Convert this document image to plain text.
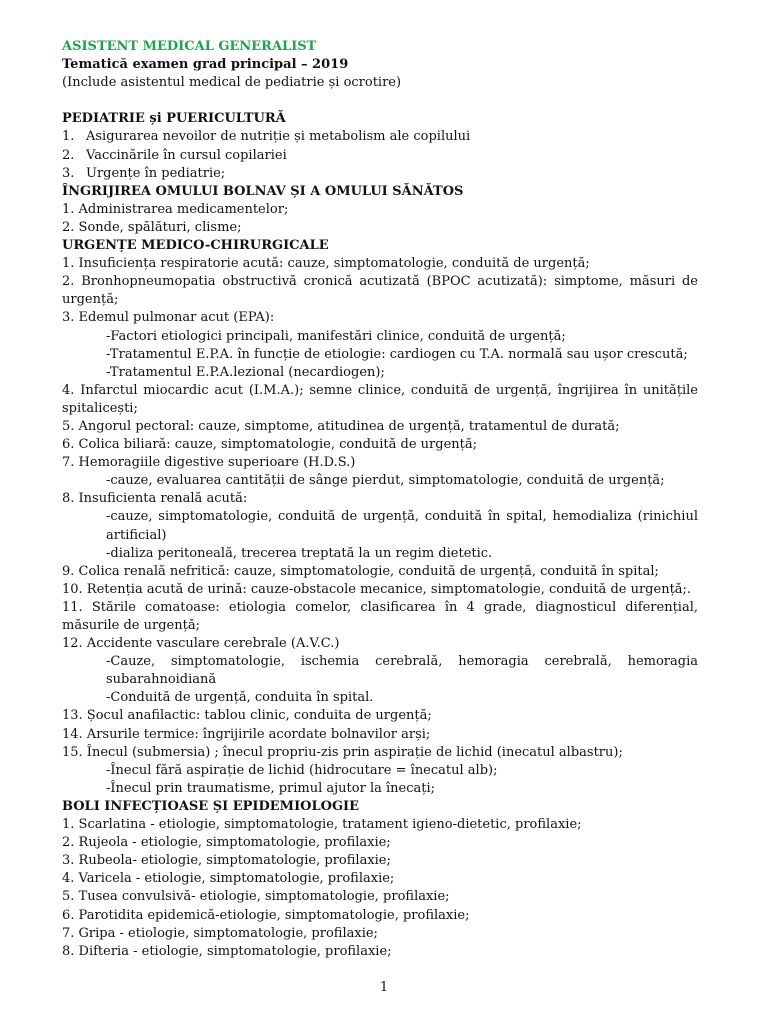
ASISTENT MEDICAL GENERALIST
Tematică examen grad principal – 2019
(Include asistentul medical de pediatrie și ocrotire)
PEDIATRIE și PUERICULTURĂ
1. Asigurarea nevoilor de nutriție și metabolism ale copilului
2. Vaccinările în cursul copilariei
3. Urgențe în pediatrie;
ÎNGRIJIREA OMULUI BOLNAV ȘI A OMULUI SĂNĂTOS
1. Administrarea medicamentelor;
2. Sonde, spălături, clisme;
URGENȚE MEDICO-CHIRURGICALE
1. Insuficiența respiratorie acută: cauze, simptomatologie, conduită de urgență;
2. Bronhopneumopatia obstructivă cronică acutizată (BPOC acutizată): simptome, măsuri de urgență;
3. Edemul pulmonar acut (EPA):
-Factori etiologici principali, manifestări clinice, conduită de urgență;
-Tratamentul E.P.A. în funcție de etiologie: cardiogen cu T.A. normală sau ușor crescută;
-Tratamentul E.P.A.lezional (necardiogen);
4. Infarctul miocardic acut (I.M.A.); semne clinice, conduită de urgență, îngrijirea în unitățile spitalicești;
5. Angorul pectoral: cauze, simptome, atitudinea de urgență, tratamentul de durată;
6. Colica biliară: cauze, simptomatologie, conduită de urgență;
7. Hemoragiile digestive superioare (H.D.S.)
-cauze, evaluarea cantității de sânge pierdut, simptomatologie, conduită de urgență;
8. Insuficienta renală acută:
-cauze, simptomatologie, conduită de urgență, conduită în spital, hemodializa (rinichiul artificial)
-dializa peritoneală, trecerea treptată la un regim dietetic.
9. Colica renală nefritică: cauze, simptomatologie, conduită de urgență, conduită în spital;
10. Retenția acută de urină: cauze-obstacole mecanice, simptomatologie, conduită de urgență;.
11. Stările comatoase: etiologia comelor, clasificarea în 4 grade, diagnosticul diferențial, măsurile de urgență;
12. Accidente vasculare cerebrale (A.V.C.)
-Cauze, simptomatologie, ischemia cerebrală, hemoragia cerebrală, hemoragia subarahnoidiană
-Conduită de urgență, conduita în spital.
13. Șocul anafilactic: tablou clinic, conduita de urgență;
14. Arsurile termice: îngrijirile acordate bolnavilor arși;
15. Înecul (submersia) ; înecul propriu-zis prin aspirație de lichid (inecatul albastru);
-Înecul fără aspirație de lichid (hidrocutare = înecatul alb);
-Înecul prin traumatisme, primul ajutor la înecați;
BOLI INFECȚIOASE ȘI EPIDEMIOLOGIE
1. Scarlatina - etiologie, simptomatologie, tratament igieno-dietetic, profilaxie;
2. Rujeola - etiologie, simptomatologie, profilaxie;
3. Rubeola- etiologie, simptomatologie, profilaxie;
4. Varicela - etiologie, simptomatologie, profilaxie;
5. Tusea convulsivă- etiologie, simptomatologie, profilaxie;
6. Parotidita epidemică-etiologie, simptomatologie, profilaxie;
7. Gripa - etiologie, simptomatologie, profilaxie;
8. Difteria - etiologie, simptomatologie, profilaxie;
1
